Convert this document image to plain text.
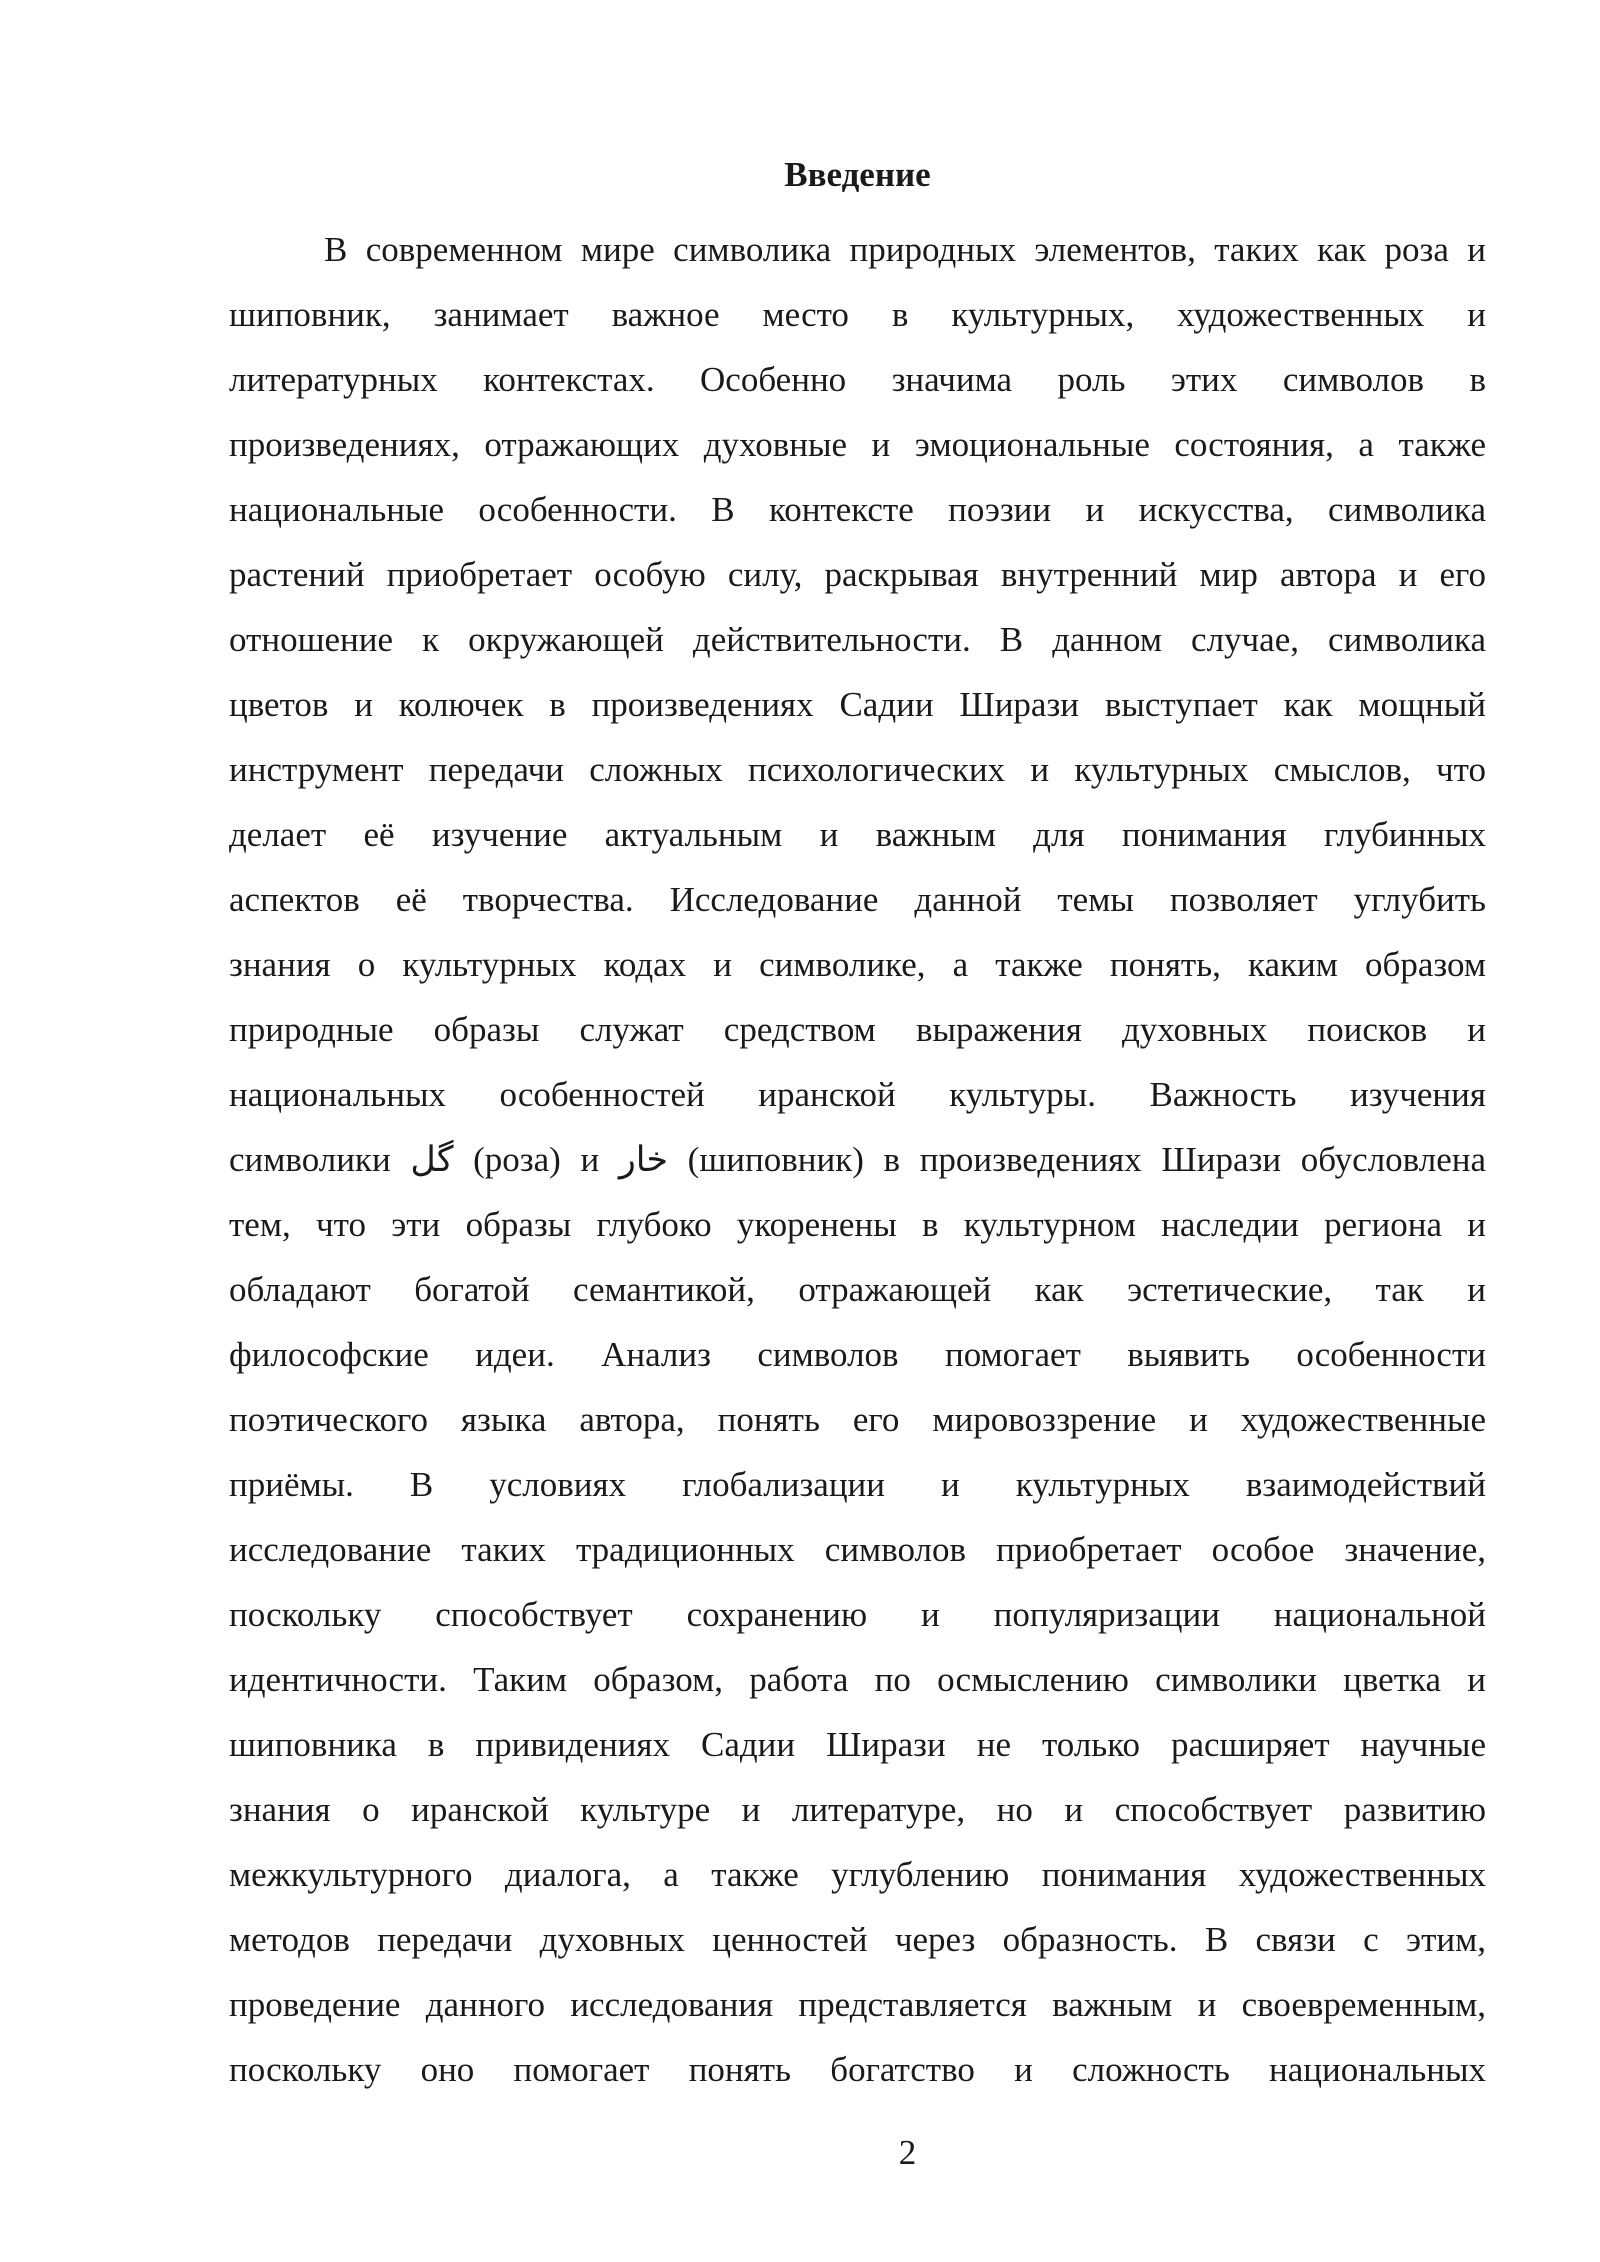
Введение
В современном мире символика природных элементов, таких как роза и
шиповник, занимает важное место в культурных, художественных и
литературных контекстах. Особенно значима роль этих символов в
произведениях, отражающих духовные и эмоциональные состояния, а также
национальные особенности. В контексте поэзии и искусства, символика
растений приобретает особую силу, раскрывая внутренний мир автора и его
отношение к окружающей действительности. В данном случае, символика
цветов и колючек в произведениях Садии Ширази выступает как мощный
инструмент передачи сложных психологических и культурных смыслов, что
делает её изучение актуальным и важным для понимания глубинных
аспектов её творчества. Исследование данной темы позволяет углубить
знания о культурных кодах и символике, а также понять, каким образом
природные образы служат средством выражения духовных поисков и
национальных особенностей иранской культуры. Важность изучения
символики گل (роза) и خار (шиповник) в произведениях Ширази обусловлена
тем, что эти образы глубоко укоренены в культурном наследии региона и
обладают богатой семантикой, отражающей как эстетические, так и
философские идеи. Анализ символов помогает выявить особенности
поэтического языка автора, понять его мировоззрение и художественные
приёмы. В условиях глобализации и культурных взаимодействий
исследование таких традиционных символов приобретает особое значение,
поскольку способствует сохранению и популяризации национальной
идентичности. Таким образом, работа по осмыслению символики цветка и
шиповника в привидениях Садии Ширази не только расширяет научные
знания о иранской культуре и литературе, но и способствует развитию
межкультурного диалога, а также углублению понимания художественных
методов передачи духовных ценностей через образность. В связи с этим,
проведение данного исследования представляется важным и своевременным,
поскольку оно помогает понять богатство и сложность национальных
2
